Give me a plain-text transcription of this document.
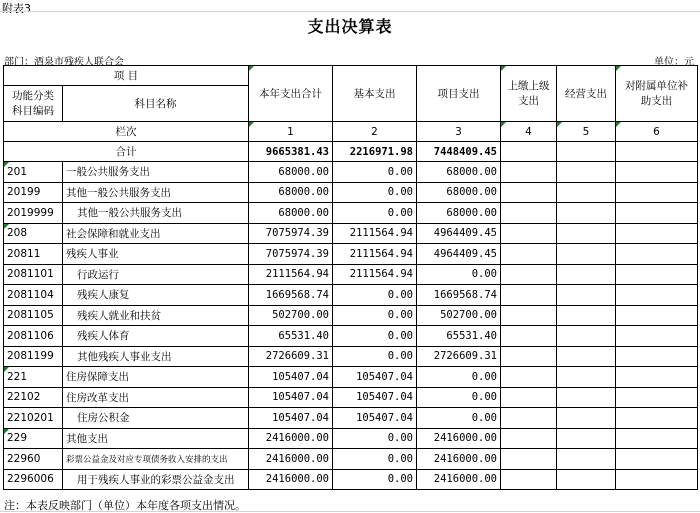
附表3
支出决算表
部门：酒泉市残疾人联合会	单位：元
项 目		本年支出合计	基本支出	项目支出	上缴上级 支出	经营支出	对附属单位补 助支出
功能分类 科目编码	科目名称						
栏次		1	2	3	4	5	6
合计		9665381.43	2216971.98	7448409.45			
201	一般公共服务支出	68000.00	0.00	68000.00			
20199	其他一般公共服务支出	68000.00	0.00	68000.00			
2019999	其他一般公共服务支出	68000.00	0.00	68000.00			
208	社会保障和就业支出	7075974.39	2111564.94	4964409.45			
20811	残疾人事业	7075974.39	2111564.94	4964409.45			
2081101	行政运行	2111564.94	2111564.94	0.00			
2081104	残疾人康复	1669568.74	0.00	1669568.74			
2081105	残疾人就业和扶贫	502700.00	0.00	502700.00			
2081106	残疾人体育	65531.40	0.00	65531.40			
2081199	其他残疾人事业支出	2726609.31	0.00	2726609.31			
221	住房保障支出	105407.04	105407.04	0.00			
22102	住房改革支出	105407.04	105407.04	0.00			
2210201	住房公积金	105407.04	105407.04	0.00			
229	其他支出	2416000.00	0.00	2416000.00			
22960	彩票公益金及对应专项债务收入安排的支出	2416000.00	0.00	2416000.00			
2296006	用于残疾人事业的彩票公益金支出	2416000.00	0.00	2416000.00			
注：本表反映部门（单位）本年度各项支出情况。
